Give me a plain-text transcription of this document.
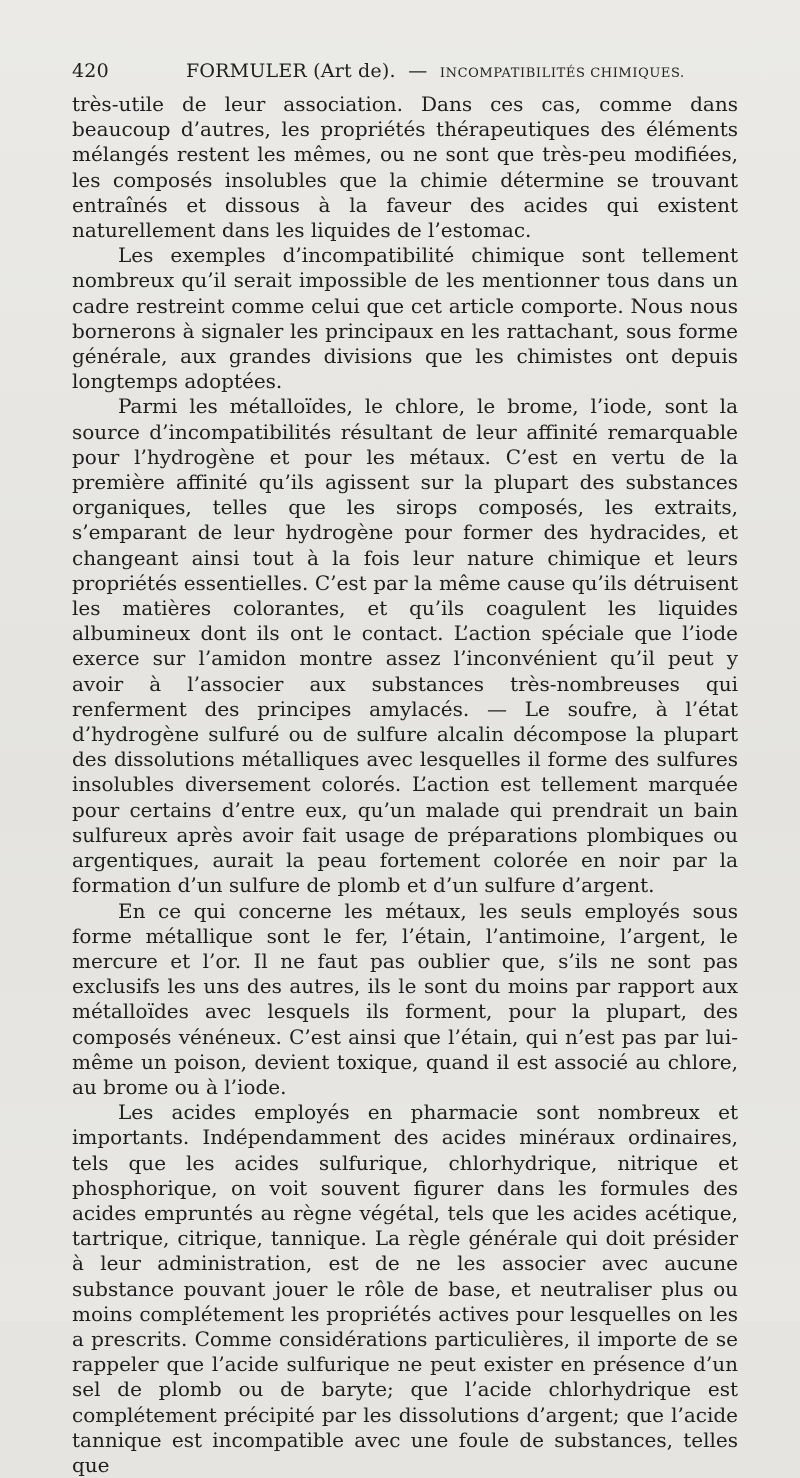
420	FORMULER (Art de). — INCOMPATIBILITÉS CHIMIQUES.

très-utile de leur association. Dans ces cas, comme dans beaucoup d’autres, les propriétés thérapeutiques des éléments mélangés restent les mêmes, ou ne sont que très-peu modifiées, les composés insolubles que la chimie détermine se trouvant entraînés et dissous à la faveur des acides qui existent naturellement dans les liquides de l’estomac.

Les exemples d’incompatibilité chimique sont tellement nombreux qu’il serait impossible de les mentionner tous dans un cadre restreint comme celui que cet article comporte. Nous nous bornerons à signaler les principaux en les rattachant, sous forme générale, aux grandes divisions que les chimistes ont depuis longtemps adoptées.

Parmi les métalloïdes, le chlore, le brome, l’iode, sont la source d’incompatibilités résultant de leur affinité remarquable pour l’hydrogène et pour les métaux. C’est en vertu de la première affinité qu’ils agissent sur la plupart des substances organiques, telles que les sirops composés, les extraits, s’emparant de leur hydrogène pour former des hydracides, et changeant ainsi tout à la fois leur nature chimique et leurs propriétés essentielles. C’est par la même cause qu’ils détruisent les matières colorantes, et qu’ils coagulent les liquides albumineux dont ils ont le contact. L’action spéciale que l’iode exerce sur l’amidon montre assez l’inconvénient qu’il peut y avoir à l’associer aux substances très-nombreuses qui renferment des principes amylacés. — Le soufre, à l’état d’hydrogène sulfuré ou de sulfure alcalin décompose la plupart des dissolutions métalliques avec lesquelles il forme des sulfures insolubles diversement colorés. L’action est tellement marquée pour certains d’entre eux, qu’un malade qui prendrait un bain sulfureux après avoir fait usage de préparations plombiques ou argentiques, aurait la peau fortement colorée en noir par la formation d’un sulfure de plomb et d’un sulfure d’argent.

En ce qui concerne les métaux, les seuls employés sous forme métallique sont le fer, l’étain, l’antimoine, l’argent, le mercure et l’or. Il ne faut pas oublier que, s’ils ne sont pas exclusifs les uns des autres, ils le sont du moins par rapport aux métalloïdes avec lesquels ils forment, pour la plupart, des composés vénéneux. C’est ainsi que l’étain, qui n’est pas par lui-même un poison, devient toxique, quand il est associé au chlore, au brome ou à l’iode.

Les acides employés en pharmacie sont nombreux et importants. Indépendamment des acides minéraux ordinaires, tels que les acides sulfurique, chlorhydrique, nitrique et phosphorique, on voit souvent figurer dans les formules des acides empruntés au règne végétal, tels que les acides acétique, tartrique, citrique, tannique. La règle générale qui doit présider à leur administration, est de ne les associer avec aucune substance pouvant jouer le rôle de base, et neutraliser plus ou moins complétement les propriétés actives pour lesquelles on les a prescrits. Comme considérations particulières, il importe de se rappeler que l’acide sulfurique ne peut exister en présence d’un sel de plomb ou de baryte; que l’acide chlorhydrique est complétement précipité par les dissolutions d’argent; que l’acide tannique est incompatible avec une foule de substances, telles que
